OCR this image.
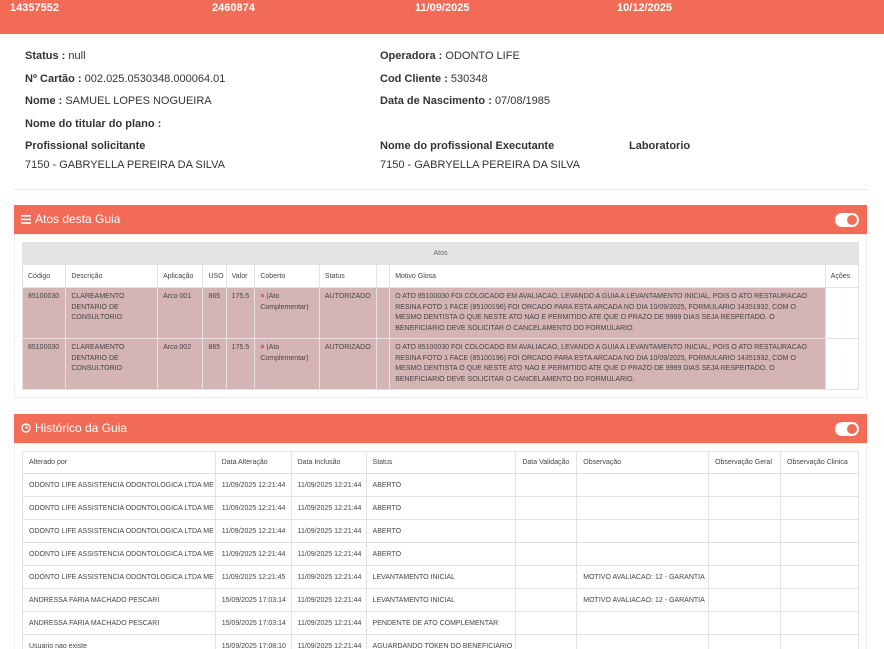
14357552	2460874	11/09/2025	10/12/2025
Status : null	Operadora : ODONTO LIFE
Nº Cartão : 002.025.0530348.000064.01	Cod Cliente : 530348
Nome : SAMUEL LOPES NOGUEIRA	Data de Nascimento : 07/08/1985
Nome do titular do plano :
Profissional solicitante	Nome do profissional Executante	Laboratorio
7150 - GABRYELLA PEREIRA DA SILVA	7150 - GABRYELLA PEREIRA DA SILVA
Atos desta Guia
Atos									
Código	Descrição	Aplicação	USO	Valor	Coberto	Status		Motivo Glosa	Ações
85100030	CLAREAMENTO DENTARIO DE CONSULTORIO	Arco 001	865	175.5	× (Ato Complementar)	AUTORIZADO		O ATO 85100030 FOI COLOCADO EM AVALIACAO, LEVANDO A GUIA A LEVANTAMENTO INICIAL, POIS O ATO RESTAURACAO RESINA FOTO 1 FACE (85100196) FOI ORCADO PARA ESTA ARCADA NO DIA 10/09/2025, FORMULARIO 14351932, COM O MESMO DENTISTA O QUE NESTE ATO NAO E PERMITIDO ATE QUE O PRAZO DE 9999 DIAS SEJA RESPEITADO. O BENEFICIARIO DEVE SOLICITAR O CANCELAMENTO DO FORMULARIO.	
85100030	CLAREAMENTO DENTARIO DE CONSULTORIO	Arco 002	865	175.5	× (Ato Complementar)	AUTORIZADO		O ATO 85100030 FOI COLOCADO EM AVALIACAO, LEVANDO A GUIA A LEVANTAMENTO INICIAL, POIS O ATO RESTAURACAO RESINA FOTO 1 FACE (85100196) FOI ORCADO PARA ESTA ARCADA NO DIA 10/09/2025, FORMULARIO 14351932, COM O MESMO DENTISTA O QUE NESTE ATO NAO E PERMITIDO ATE QUE O PRAZO DE 9999 DIAS SEJA RESPEITADO. O BENEFICIARIO DEVE SOLICITAR O CANCELAMENTO DO FORMULARIO.	
Histórico da Guia
Alterado por	Data Alteração	Data Inclusão	Status	Data Validação	Observação	Observação Geral	Observação Clinica
ODONTO LIFE ASSISTENCIA ODONTOLOGICA LTDA ME	11/09/2025 12:21:44	11/09/2025 12:21:44	ABERTO				
ODONTO LIFE ASSISTENCIA ODONTOLOGICA LTDA ME	11/09/2025 12:21:44	11/09/2025 12:21:44	ABERTO				
ODONTO LIFE ASSISTENCIA ODONTOLOGICA LTDA ME	11/09/2025 12:21:44	11/09/2025 12:21:44	ABERTO				
ODONTO LIFE ASSISTENCIA ODONTOLOGICA LTDA ME	11/09/2025 12:21:44	11/09/2025 12:21:44	ABERTO				
ODONTO LIFE ASSISTENCIA ODONTOLOGICA LTDA ME	11/09/2025 12:21:45	11/09/2025 12:21:44	LEVANTAMENTO INICIAL		MOTIVO AVALIACAO: 12 - GARANTIA		
ANDRESSA FARIA MACHADO PESCARI	15/09/2025 17:03:14	11/09/2025 12:21:44	LEVANTAMENTO INICIAL		MOTIVO AVALIACAO: 12 - GARANTIA		
ANDRESSA FARIA MACHADO PESCARI	15/09/2025 17:03:14	11/09/2025 12:21:44	PENDENTE DE ATO COMPLEMENTAR				
Usuario nao existe	15/09/2025 17:08:10	11/09/2025 12:21:44	AGUARDANDO TOKEN DO BENEFICIARIO				
